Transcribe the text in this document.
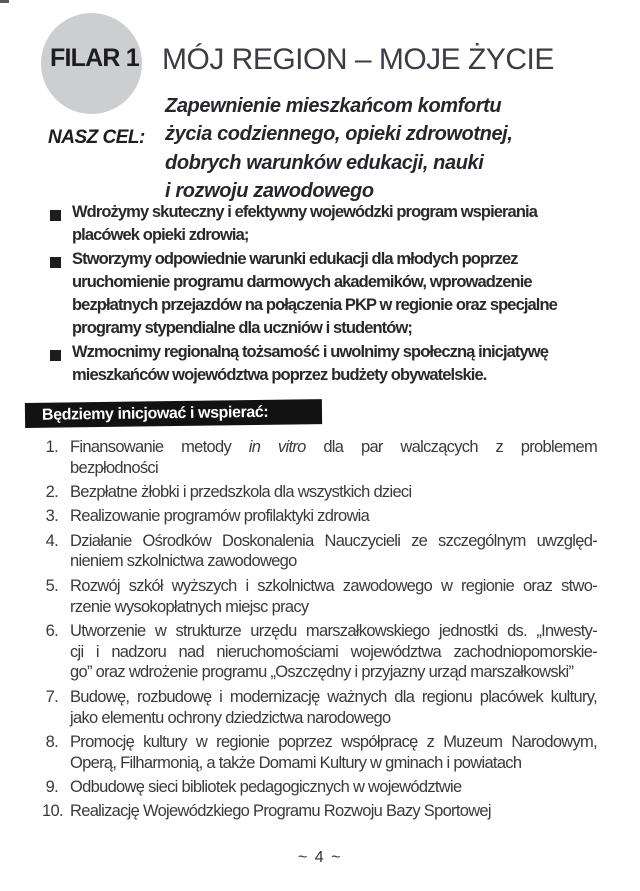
FILAR 1 MÓJ REGION – MOJE ŻYCIE
NASZ CEL:
Zapewnienie mieszkańcom komfortu
życia codziennego, opieki zdrowotnej,
dobrych warunków edukacji, nauki
i rozwoju zawodowego
Wdrożymy skuteczny i efektywny wojewódzki program wspierania
placówek opieki zdrowia;
Stworzymy odpowiednie warunki edukacji dla młodych poprzez
uruchomienie programu darmowych akademików, wprowadzenie
bezpłatnych przejazdów na połączenia PKP w regionie oraz specjalne
programy stypendialne dla uczniów i studentów;
Wzmocnimy regionalną tożsamość i uwolnimy społeczną inicjatywę
mieszkańców województwa poprzez budżety obywatelskie.
Będziemy inicjować i wspierać:
1. Finansowanie metody in vitro dla par walczących z problemem
bezpłodności
2. Bezpłatne żłobki i przedszkola dla wszystkich dzieci
3. Realizowanie programów profilaktyki zdrowia
4. Działanie Ośrodków Doskonalenia Nauczycieli ze szczególnym uwzględ-
nieniem szkolnictwa zawodowego
5. Rozwój szkół wyższych i szkolnictwa zawodowego w regionie oraz stwo-
rzenie wysokopłatnych miejsc pracy
6. Utworzenie w strukturze urzędu marszałkowskiego jednostki ds. „Inwesty-
cji i nadzoru nad nieruchomościami województwa zachodniopomorskie-
go” oraz wdrożenie programu „Oszczędny i przyjazny urząd marszałkowski”
7. Budowę, rozbudowę i modernizację ważnych dla regionu placówek kultury,
jako elementu ochrony dziedzictwa narodowego
8. Promocję kultury w regionie poprzez współpracę z Muzeum Narodowym,
Operą, Filharmonią, a także Domami Kultury w gminach i powiatach
9. Odbudowę sieci bibliotek pedagogicznych w województwie
10. Realizację Wojewódzkiego Programu Rozwoju Bazy Sportowej
~ 4 ~
